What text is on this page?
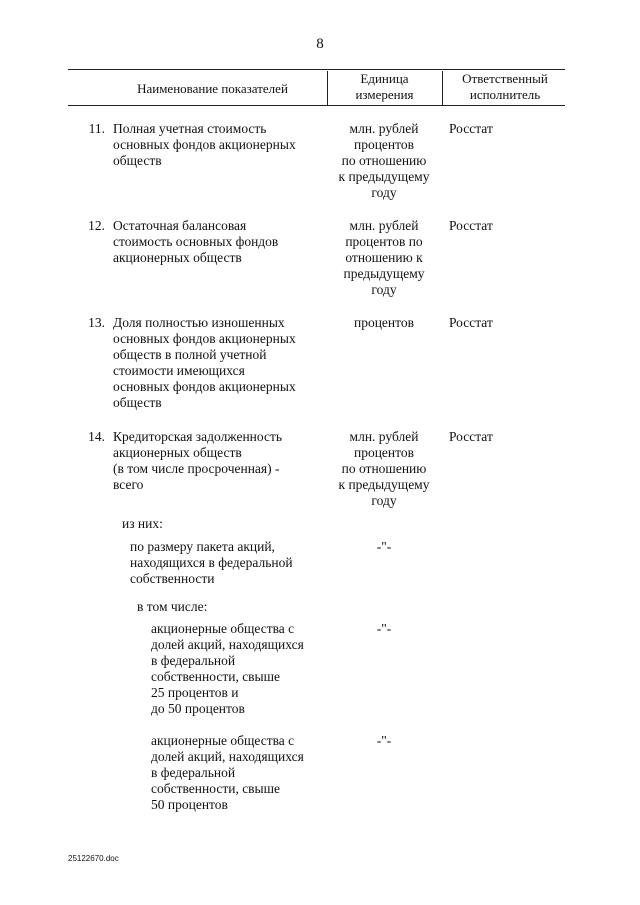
8
Наименование показателей
Единица
измерения
Ответственный
исполнитель
11. Полная учетная стоимость
основных фондов акционерных
обществ
млн. рублей
процентов
по отношению
к предыдущему
году
Росстат
12. Остаточная балансовая
стоимость основных фондов
акционерных обществ
млн. рублей
процентов по
отношению к
предыдущему
году
Росстат
13. Доля полностью изношенных
основных фондов акционерных
обществ в полной учетной
стоимости имеющихся
основных фондов акционерных
обществ
процентов	Росстат
14. Кредиторская задолженность
акционерных обществ
(в том числе просроченная) -
всего
млн. рублей
процентов
по отношению
к предыдущему
году
Росстат
из них:
по размеру пакета акций,
находящихся в федеральной
собственности
-"-
в том числе:
акционерные общества с
долей акций, находящихся
в федеральной
собственности, свыше
25 процентов и
до 50 процентов
-"-
акционерные общества с
долей акций, находящихся
в федеральной
собственности, свыше
50 процентов
-"-
25122670.doc
